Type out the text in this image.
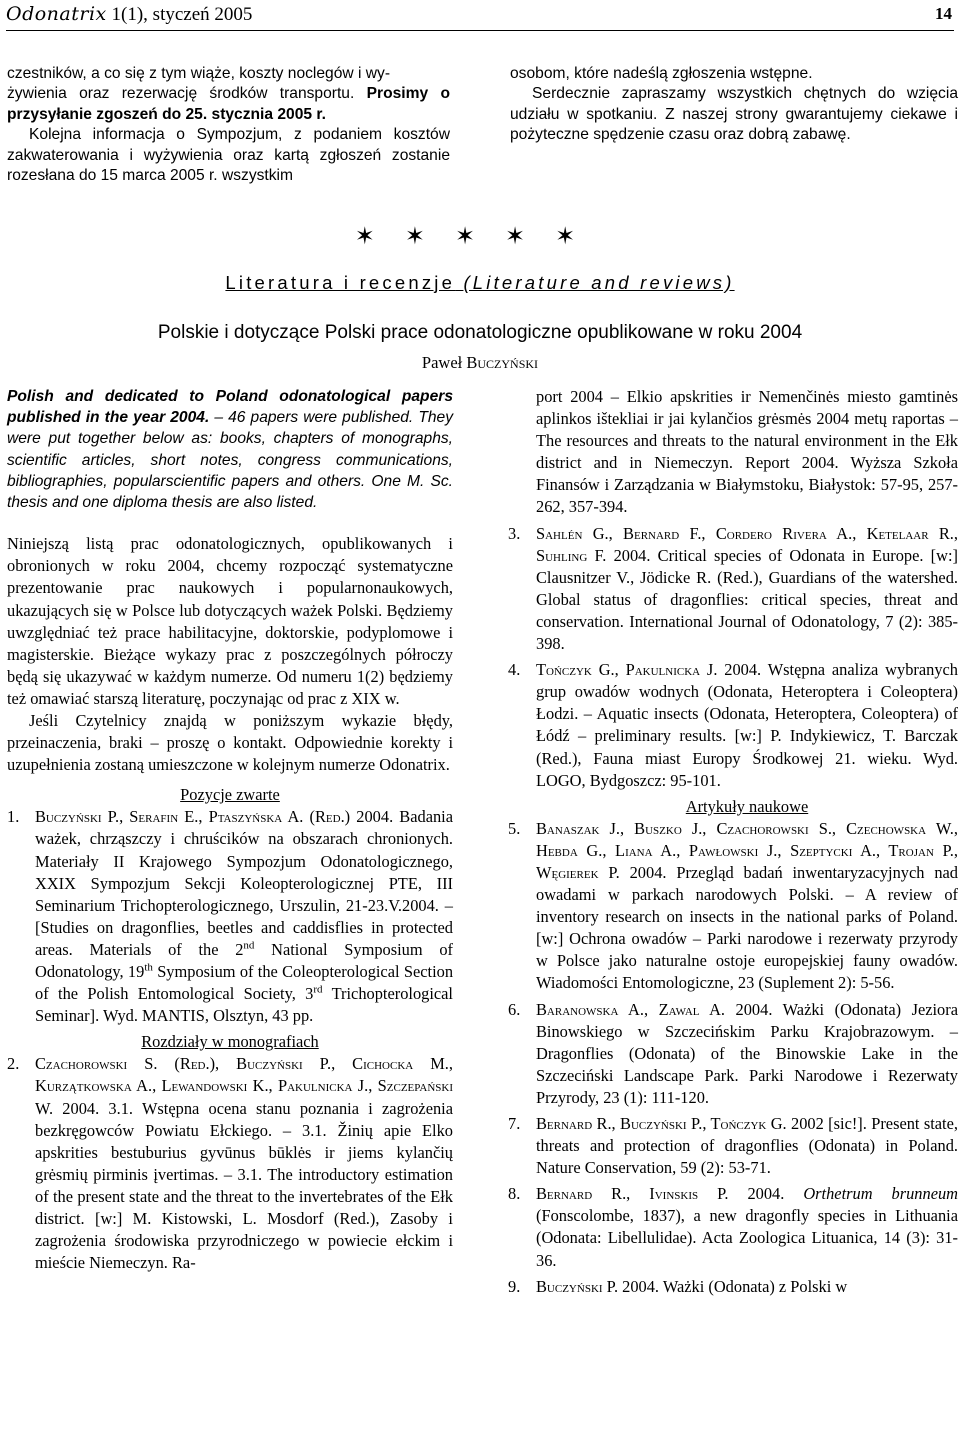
Odonatrix 1(1), styczeń 2005	14

czestników, a co się z tym wiąże, koszty noclegów i wy-
żywienia oraz rezerwację środków transportu. Prosimy o przysyłanie zgoszeń do 25. stycznia 2005 r.

Kolejna informacja o Sympozjum, z podaniem kosztów zakwaterowania i wyżywienia oraz kartą zgłoszeń zostanie rozesłana do 15 marca 2005 r. wszystkim

osobom, które nadeślą zgłoszenia wstępne.

Serdecznie zapraszamy wszystkich chętnych do wzięcia udziału w spotkaniu. Z naszej strony gwarantujemy ciekawe i pożyteczne spędzenie czasu oraz dobrą zabawę.

✶✶✶✶✶
Literatura i recenzje (Literature and reviews)
Polskie i dotyczące Polski prace odonatologiczne opublikowane w roku 2004
Paweł Buczyński

Polish and dedicated to Poland odonatological papers published in the year 2004. – 46 papers were published. They were put together below as: books, chapters of monographs, scientific articles, short notes, congress communications, bibliographies, popularscientific papers and others. One M. Sc. thesis and one diploma thesis are also listed.

Niniejszą listą prac odonatologicznych, opublikowanych i obronionych w roku 2004, chcemy rozpocząć systematyczne prezentowanie prac naukowych i popularnonaukowych, ukazujących się w Polsce lub dotyczących ważek Polski. Będziemy uwzględniać też prace habilitacyjne, doktorskie, podyplomowe i magisterskie. Bieżące wykazy prac z poszczególnych półroczy będą się ukazywać w każdym numerze. Od numeru 1(2) będziemy też omawiać starszą literaturę, poczynając od prac z XIX w.

Jeśli Czytelnicy znajdą w poniższym wykazie błędy, przeinaczenia, braki – proszę o kontakt. Odpowiednie korekty i uzupełnienia zostaną umieszczone w kolejnym numerze Odonatrix.

Pozycje zwarte

1. Buczyński P., Serafin E., Ptaszyńska A. (Red.) 2004. Badania ważek, chrząszczy i chruścików na obszarach chronionych. Materiały II Krajowego Sympozjum Odonatologicznego, XXIX Sympozjum Sekcji Koleopterologicznej PTE, III Seminarium Trichopterologicznego, Urszulin, 21-23.V.2004. – [Studies on dragonflies, beetles and caddisflies in protected areas. Materials of the 2nd National Symposium of Odonatology, 19th Symposium of the Coleopterological Section of the Polish Entomological Society, 3rd Trichopterological Seminar]. Wyd. MANTIS, Olsztyn, 43 pp.

Rozdziały w monografiach

2. Czachorowski S. (Red.), Buczyński P., Cichocka M., Kurzątkowska A., Lewandowski K., Pakulnicka J., Szczepański W. 2004. 3.1. Wstępna ocena stanu poznania i zagrożenia bezkręgowców Powiatu Ełckiego. – 3.1. Žinių apie Elko apskrities bestuburius gyvūnus būklės ir jiems kylančių grėsmių pirminis įvertimas. – 3.1. The introductory estimation of the present state and the threat to the invertebrates of the Ełk district. [w:] M. Kistowski, L. Mosdorf (Red.), Zasoby i zagrożenia środowiska przyrodniczego w powiecie ełckim i mieście Niemeczyn. Ra-
port 2004 – Elkio apskrities ir Nemenčinės miesto gamtinės aplinkos ištekliai ir jai kylančios grėsmės 2004 metų raportas – The resources and threats to the natural environment in the Ełk district and in Niemeczyn. Report 2004. Wyższa Szkoła Finansów i Zarządzania w Białymstoku, Białystok: 57-95, 257-262, 357-394.
3. Sahlén G., Bernard F., Cordero Rivera A., Ketelaar R., Suhling F. 2004. Critical species of Odonata in Europe. [w:] Clausnitzer V., Jödicke R. (Red.), Guardians of the watershed. Global status of dragonflies: critical species, threat and conservation. International Journal of Odonatology, 7 (2): 385-398.
4. Tończyk G., Pakulnicka J. 2004. Wstępna analiza wybranych grup owadów wodnych (Odonata, Heteroptera i Coleoptera) Łodzi. – Aquatic insects (Odonata, Heteroptera, Coleoptera) of Łódź – preliminary results. [w:] P. Indykiewicz, T. Barczak (Red.), Fauna miast Europy Środkowej 21. wieku. Wyd. LOGO, Bydgoszcz: 95-101.

Artykuły naukowe

5. Banaszak J., Buszko J., Czachorowski S., Czechowska W., Hebda G., Liana A., Pawłowski J., Szeptycki A., Trojan P., Węgierek P. 2004. Przegląd badań inwentaryzacyjnych nad owadami w parkach narodowych Polski. – A review of inventory research on insects in the national parks of Poland. [w:] Ochrona owadów – Parki narodowe i rezerwaty przyrody w Polsce jako naturalne ostoje europejskiej fauny owadów. Wiadomości Entomologiczne, 23 (Suplement 2): 5-56.
6. Baranowska A., Zawal A. 2004. Ważki (Odonata) Jeziora Binowskiego w Szczecińskim Parku Krajobrazowym. – Dragonflies (Odonata) of the Binowskie Lake in the Szczeciński Landscape Park. Parki Narodowe i Rezerwaty Przyrody, 23 (1): 111-120.
7. Bernard R., Buczyński P., Tończyk G. 2002 [sic!]. Present state, threats and protection of dragonflies (Odonata) in Poland. Nature Conservation, 59 (2): 53-71.
8. Bernard R., Ivinskis P. 2004. Orthetrum brunneum (Fonscolombe, 1837), a new dragonfly species in Lithuania (Odonata: Libellulidae). Acta Zoologica Lituanica, 14 (3): 31-36.
9. Buczyński P. 2004. Ważki (Odonata) z Polski w
